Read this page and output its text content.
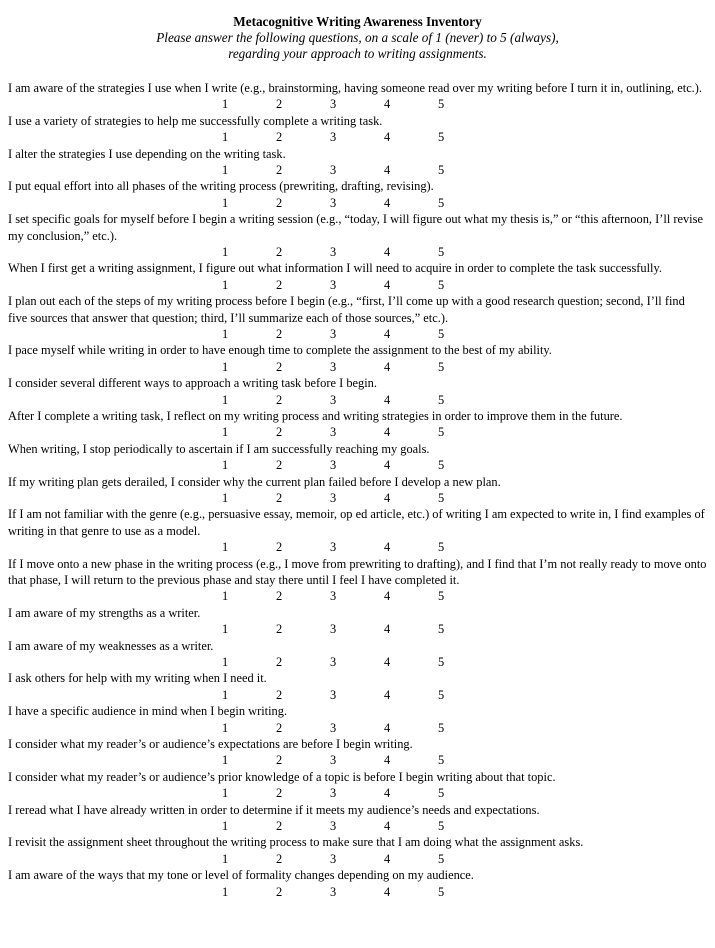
Metacognitive Writing Awareness Inventory
Please answer the following questions, on a scale of 1 (never) to 5 (always),
regarding your approach to writing assignments.
I am aware of the strategies I use when I write (e.g., brainstorming, having someone read over my writing before I turn it in, outlining, etc.).
1	2	3	4	5
I use a variety of strategies to help me successfully complete a writing task.
1	2	3	4	5
I alter the strategies I use depending on the writing task.
1	2	3	4	5
I put equal effort into all phases of the writing process (prewriting, drafting, revising).
1	2	3	4	5
I set specific goals for myself before I begin a writing session (e.g., “today, I will figure out what my thesis is,” or “this afternoon, I’ll revise my conclusion,” etc.).
1	2	3	4	5
When I first get a writing assignment, I figure out what information I will need to acquire in order to complete the task successfully.
1	2	3	4	5
I plan out each of the steps of my writing process before I begin (e.g., “first, I’ll come up with a good research question; second, I’ll find five sources that answer that question; third, I’ll summarize each of those sources,” etc.).
1	2	3	4	5
I pace myself while writing in order to have enough time to complete the assignment to the best of my ability.
1	2	3	4	5
I consider several different ways to approach a writing task before I begin.
1	2	3	4	5
After I complete a writing task, I reflect on my writing process and writing strategies in order to improve them in the future.
1	2	3	4	5
When writing, I stop periodically to ascertain if I am successfully reaching my goals.
1	2	3	4	5
If my writing plan gets derailed, I consider why the current plan failed before I develop a new plan.
1	2	3	4	5
If I am not familiar with the genre (e.g., persuasive essay, memoir, op ed article, etc.) of writing I am expected to write in, I find examples of writing in that genre to use as a model.
1	2	3	4	5
If I move onto a new phase in the writing process (e.g., I move from prewriting to drafting), and I find that I’m not really ready to move onto that phase, I will return to the previous phase and stay there until I feel I have completed it.
1	2	3	4	5
I am aware of my strengths as a writer.
1	2	3	4	5
I am aware of my weaknesses as a writer.
1	2	3	4	5
I ask others for help with my writing when I need it.
1	2	3	4	5
I have a specific audience in mind when I begin writing.
1	2	3	4	5
I consider what my reader’s or audience’s expectations are before I begin writing.
1	2	3	4	5
I consider what my reader’s or audience’s prior knowledge of a topic is before I begin writing about that topic.
1	2	3	4	5
I reread what I have already written in order to determine if it meets my audience’s needs and expectations.
1	2	3	4	5
I revisit the assignment sheet throughout the writing process to make sure that I am doing what the assignment asks.
1	2	3	4	5
I am aware of the ways that my tone or level of formality changes depending on my audience.
1	2	3	4	5
